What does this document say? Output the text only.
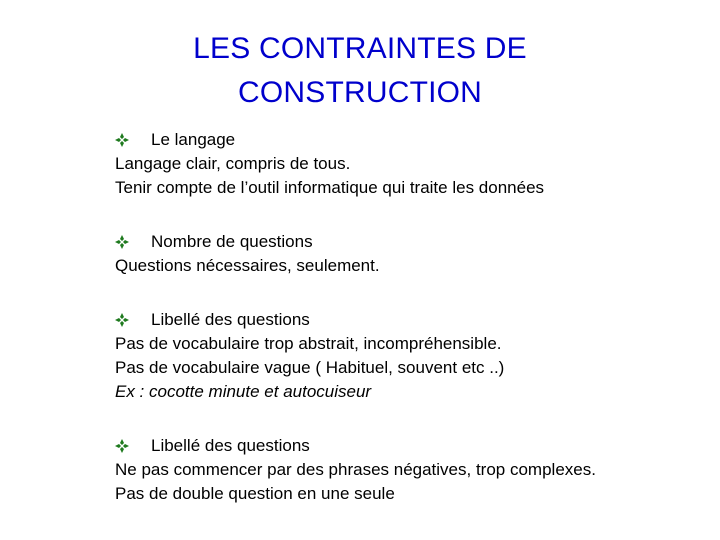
LES CONTRAINTES DE
CONSTRUCTION
Le langage
Langage clair, compris de tous.
Tenir compte de l’outil informatique qui traite les données
Nombre de questions
Questions nécessaires, seulement.
Libellé des questions
Pas de vocabulaire trop abstrait, incompréhensible.
Pas de vocabulaire vague ( Habituel, souvent etc ..)
Ex : cocotte minute et autocuiseur
Libellé des questions
Ne pas commencer par des phrases négatives, trop complexes.
Pas de double question en une seule
